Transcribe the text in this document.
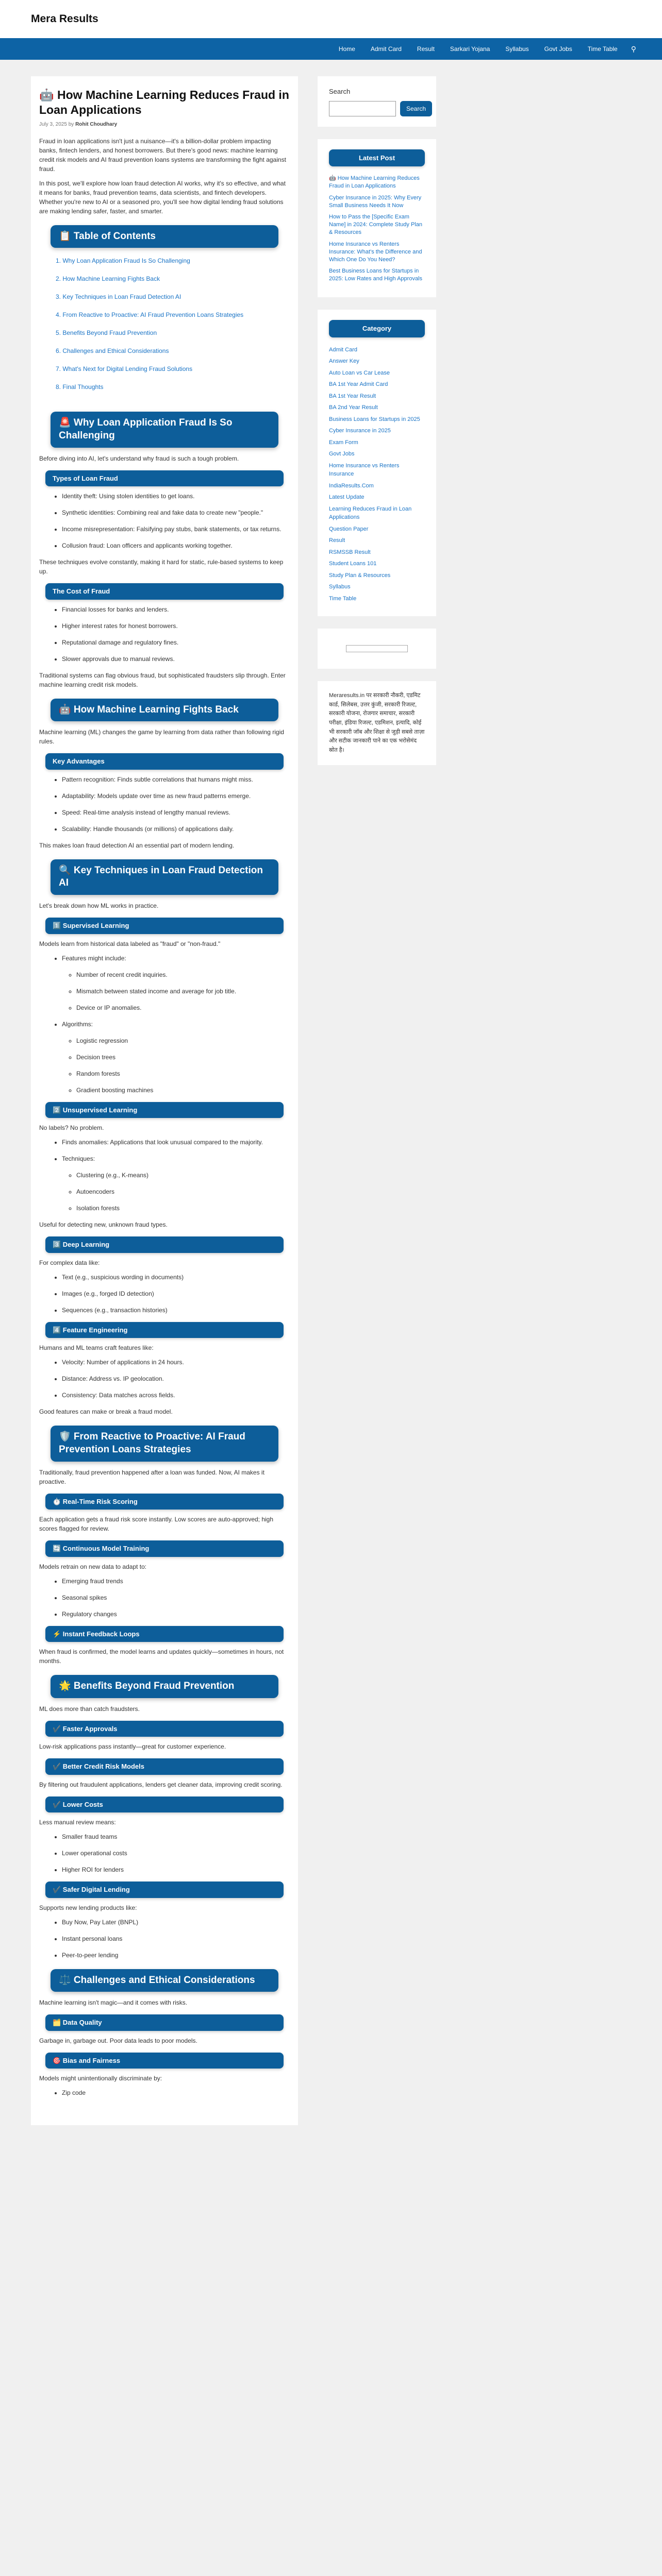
Mera Results
Home	Admit Card	Result	Sarkari Yojana	Syllabus	Govt Jobs	Time Table ⚲
🤖 How Machine Learning Reduces Fraud in Loan Applications
July 3, 2025 by Rohit Choudhary

Fraud in loan applications isn't just a nuisance—it's a billion-dollar problem impacting banks, fintech lenders, and honest borrowers. But there's good news: machine learning credit risk models and AI fraud prevention loans systems are transforming the fight against fraud.

In this post, we'll explore how loan fraud detection AI works, why it's so effective, and what it means for banks, fraud prevention teams, data scientists, and fintech developers. Whether you're new to AI or a seasoned pro, you'll see how digital lending fraud solutions are making lending safer, faster, and smarter.

📋 Table of Contents
1. Why Loan Application Fraud Is So Challenging
2. How Machine Learning Fights Back
3. Key Techniques in Loan Fraud Detection AI
4. From Reactive to Proactive: AI Fraud Prevention Loans Strategies
5. Benefits Beyond Fraud Prevention
6. Challenges and Ethical Considerations
7. What's Next for Digital Lending Fraud Solutions
8. Final Thoughts
🚨 Why Loan Application Fraud Is So Challenging

Before diving into AI, let's understand why fraud is such a tough problem.

Types of Loan Fraud
• Identity theft: Using stolen identities to get loans.
• Synthetic identities: Combining real and fake data to create new "people."
• Income misrepresentation: Falsifying pay stubs, bank statements, or tax returns.
• Collusion fraud: Loan officers and applicants working together.

These techniques evolve constantly, making it hard for static, rule-based systems to keep up.

The Cost of Fraud
• Financial losses for banks and lenders.
• Higher interest rates for honest borrowers.
• Reputational damage and regulatory fines.
• Slower approvals due to manual reviews.

Traditional systems can flag obvious fraud, but sophisticated fraudsters slip through. Enter machine learning credit risk models.

🤖 How Machine Learning Fights Back

Machine learning (ML) changes the game by learning from data rather than following rigid rules.

Key Advantages
• Pattern recognition: Finds subtle correlations that humans might miss.
• Adaptability: Models update over time as new fraud patterns emerge.
• Speed: Real-time analysis instead of lengthy manual reviews.
• Scalability: Handle thousands (or millions) of applications daily.

This makes loan fraud detection AI an essential part of modern lending.

🔍 Key Techniques in Loan Fraud Detection AI

Let's break down how ML works in practice.

1️⃣ Supervised Learning

Models learn from historical data labeled as "fraud" or "non-fraud."

• Features might include:
◦ Number of recent credit inquiries.
◦ Mismatch between stated income and average for job title.
◦ Device or IP anomalies.
• Algorithms:
◦ Logistic regression
◦ Decision trees
◦ Random forests
◦ Gradient boosting machines
2️⃣ Unsupervised Learning

No labels? No problem.

• Finds anomalies: Applications that look unusual compared to the majority.
• Techniques:
◦ Clustering (e.g., K-means)
◦ Autoencoders
◦ Isolation forests

Useful for detecting new, unknown fraud types.

3️⃣ Deep Learning

For complex data like:

• Text (e.g., suspicious wording in documents)
• Images (e.g., forged ID detection)
• Sequences (e.g., transaction histories)
4️⃣ Feature Engineering

Humans and ML teams craft features like:

• Velocity: Number of applications in 24 hours.
• Distance: Address vs. IP geolocation.
• Consistency: Data matches across fields.

Good features can make or break a fraud model.

🛡️ From Reactive to Proactive: AI Fraud Prevention Loans Strategies

Traditionally, fraud prevention happened after a loan was funded. Now, AI makes it proactive.

⏱️ Real-Time Risk Scoring

Each application gets a fraud risk score instantly. Low scores are auto-approved; high scores flagged for review.

🔄 Continuous Model Training

Models retrain on new data to adapt to:

• Emerging fraud trends
• Seasonal spikes
• Regulatory changes
⚡ Instant Feedback Loops

When fraud is confirmed, the model learns and updates quickly—sometimes in hours, not months.

🌟 Benefits Beyond Fraud Prevention

ML does more than catch fraudsters.

✔️ Faster Approvals

Low-risk applications pass instantly—great for customer experience.

✔️ Better Credit Risk Models

By filtering out fraudulent applications, lenders get cleaner data, improving credit scoring.

✔️ Lower Costs

Less manual review means:

• Smaller fraud teams
• Lower operational costs
• Higher ROI for lenders
✔️ Safer Digital Lending

Supports new lending products like:

• Buy Now, Pay Later (BNPL)
• Instant personal loans
• Peer-to-peer lending
⚖️ Challenges and Ethical Considerations

Machine learning isn't magic—and it comes with risks.

🗂️ Data Quality

Garbage in, garbage out. Poor data leads to poor models.

🎯 Bias and Fairness

Models might unintentionally discriminate by:

• Zip code
Search
Search
Latest Post
🤖 How Machine Learning Reduces Fraud in Loan Applications
Cyber Insurance in 2025: Why Every Small Business Needs It Now
How to Pass the [Specific Exam Name] in 2024: Complete Study Plan & Resources
Home Insurance vs Renters Insurance: What's the Difference and Which One Do You Need?
Best Business Loans for Startups in 2025: Low Rates and High Approvals
Category
Admit Card
Answer Key
Auto Loan vs Car Lease
BA 1st Year Admit Card
BA 1st Year Result
BA 2nd Year Result
Business Loans for Startups in 2025
Cyber Insurance in 2025
Exam Form
Govt Jobs
Home Insurance vs Renters Insurance
IndiaResults.Com
Latest Update
Learning Reduces Fraud in Loan Applications
Question Paper
Result
RSMSSB Result
Student Loans 101
Study Plan & Resources
Syllabus
Time Table
Meraresults.in पर सरकारी नौकरी, एडमिट कार्ड, सिलेबस, उत्तर कुंजी, सरकारी रिजल्ट, सरकारी योजना, रोजगार समाचार, सरकारी परीक्षा, इंडिया रिजल्ट, एडमिशन, इत्यादि, कोई भी सरकारी जॉब और शिक्षा से जुड़ी सबसे ताज़ा और सटीक जानकारी पाने का एक भरोसेमंद स्रोत है।
